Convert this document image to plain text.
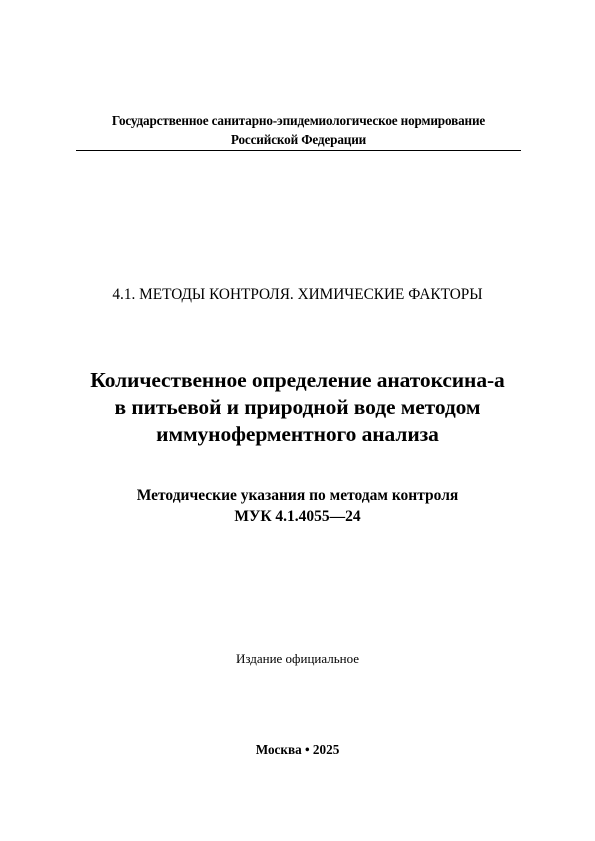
Государственное санитарно-эпидемиологическое нормирование
Российской Федерации
4.1. МЕТОДЫ КОНТРОЛЯ. ХИМИЧЕСКИЕ ФАКТОРЫ
Количественное определение анатоксина-а
в питьевой и природной воде методом
иммуноферментного анализа
Методические указания по методам контроля
МУК 4.1.4055—24
Издание официальное
Москва • 2025
